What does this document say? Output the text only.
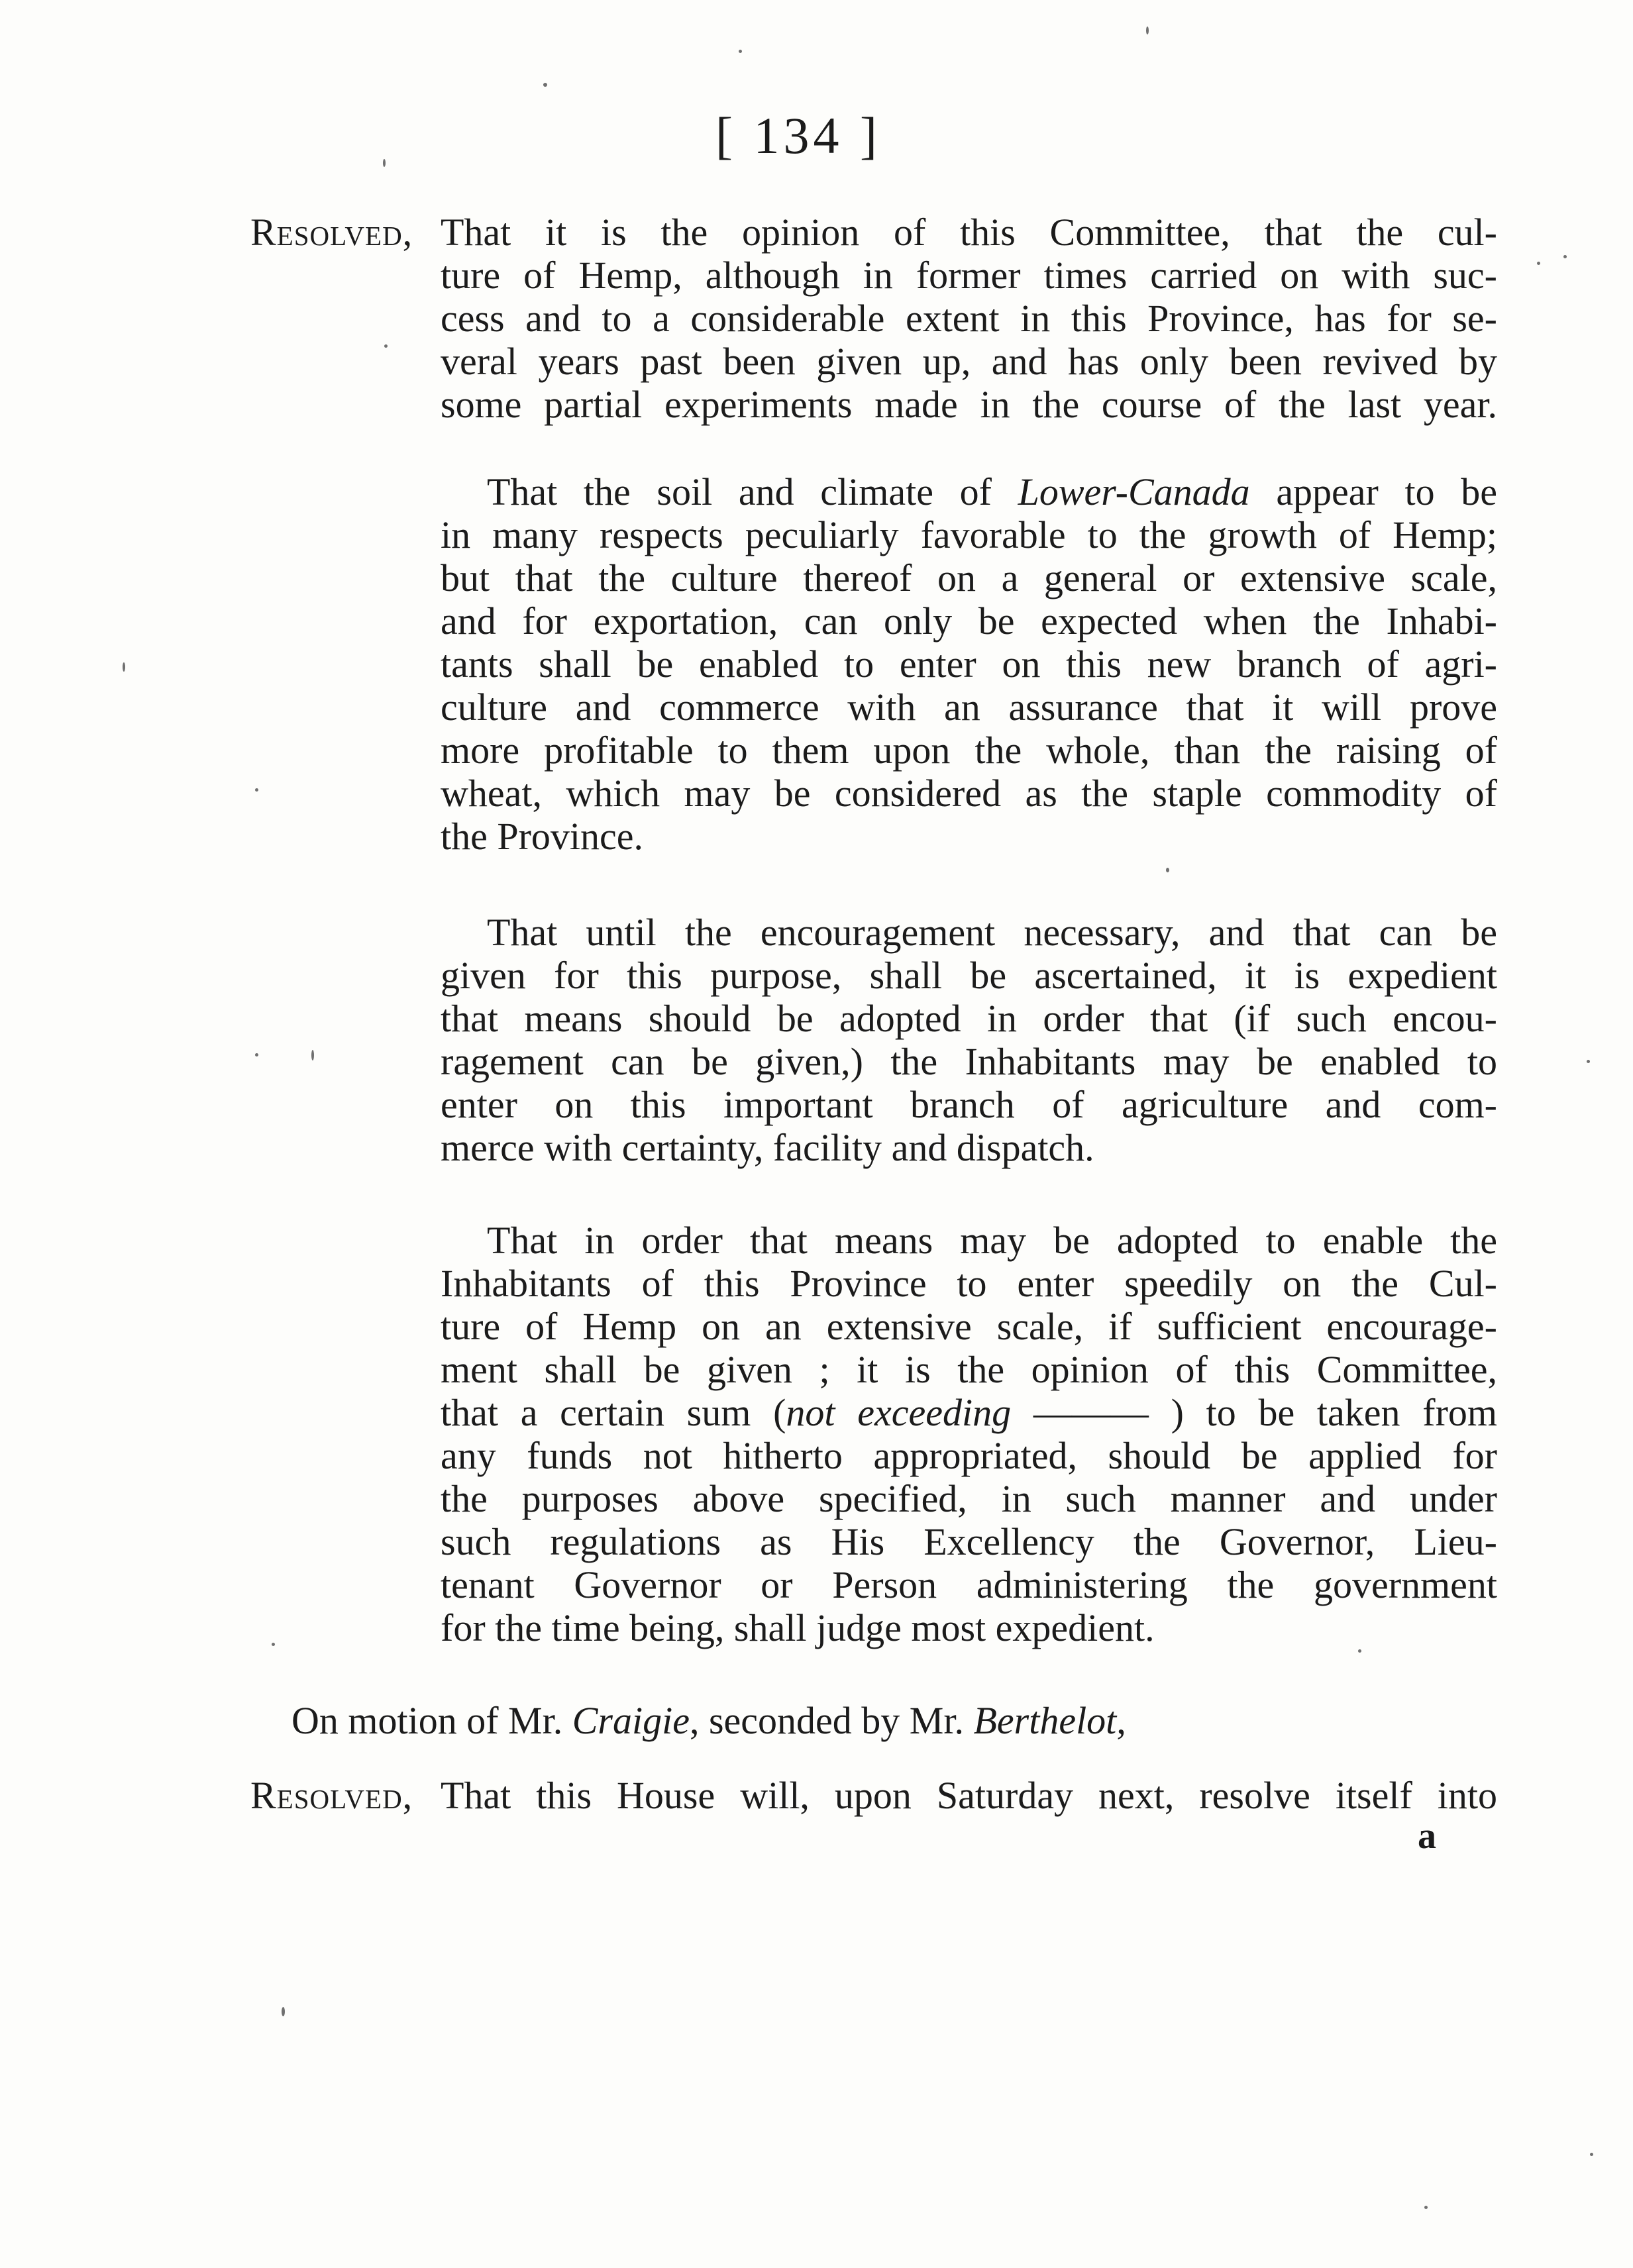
[ 134 ]
Resolved, That it is the opinion of this Committee, that the cul-
ture of Hemp, although in former times carried on with suc-
cess and to a considerable extent in this Province, has for se-
veral years past been given up, and has only been revived by
some partial experiments made in the course of the last year.
That the soil and climate of Lower-Canada appear to be
in many respects peculiarly favorable to the growth of Hemp;
but that the culture thereof on a general or extensive scale,
and for exportation, can only be expected when the Inhabi-
tants shall be enabled to enter on this new branch of agri-
culture and commerce with an assurance that it will prove
more profitable to them upon the whole, than the raising of
wheat, which may be considered as the staple commodity of
the Province.
That until the encouragement necessary, and that can be
given for this purpose, shall be ascertained, it is expedient
that means should be adopted in order that (if such encou-
ragement can be given,) the Inhabitants may be enabled to
enter on this important branch of agriculture and com-
merce with certainty, facility and dispatch.
That in order that means may be adopted to enable the
Inhabitants of this Province to enter speedily on the Cul-
ture of Hemp on an extensive scale, if sufficient encourage-
ment shall be given ; it is the opinion of this Committee,
that a certain sum (not exceeding ——— ) to be taken from
any funds not hitherto appropriated, should be applied for
the purposes above specified, in such manner and under
such regulations as His Excellency the Governor, Lieu-
tenant Governor or Person administering the government
for the time being, shall judge most expedient.
On motion of Mr. Craigie, seconded by Mr. Berthelot,
Resolved, That this House will, upon Saturday next, resolve itself into
a
